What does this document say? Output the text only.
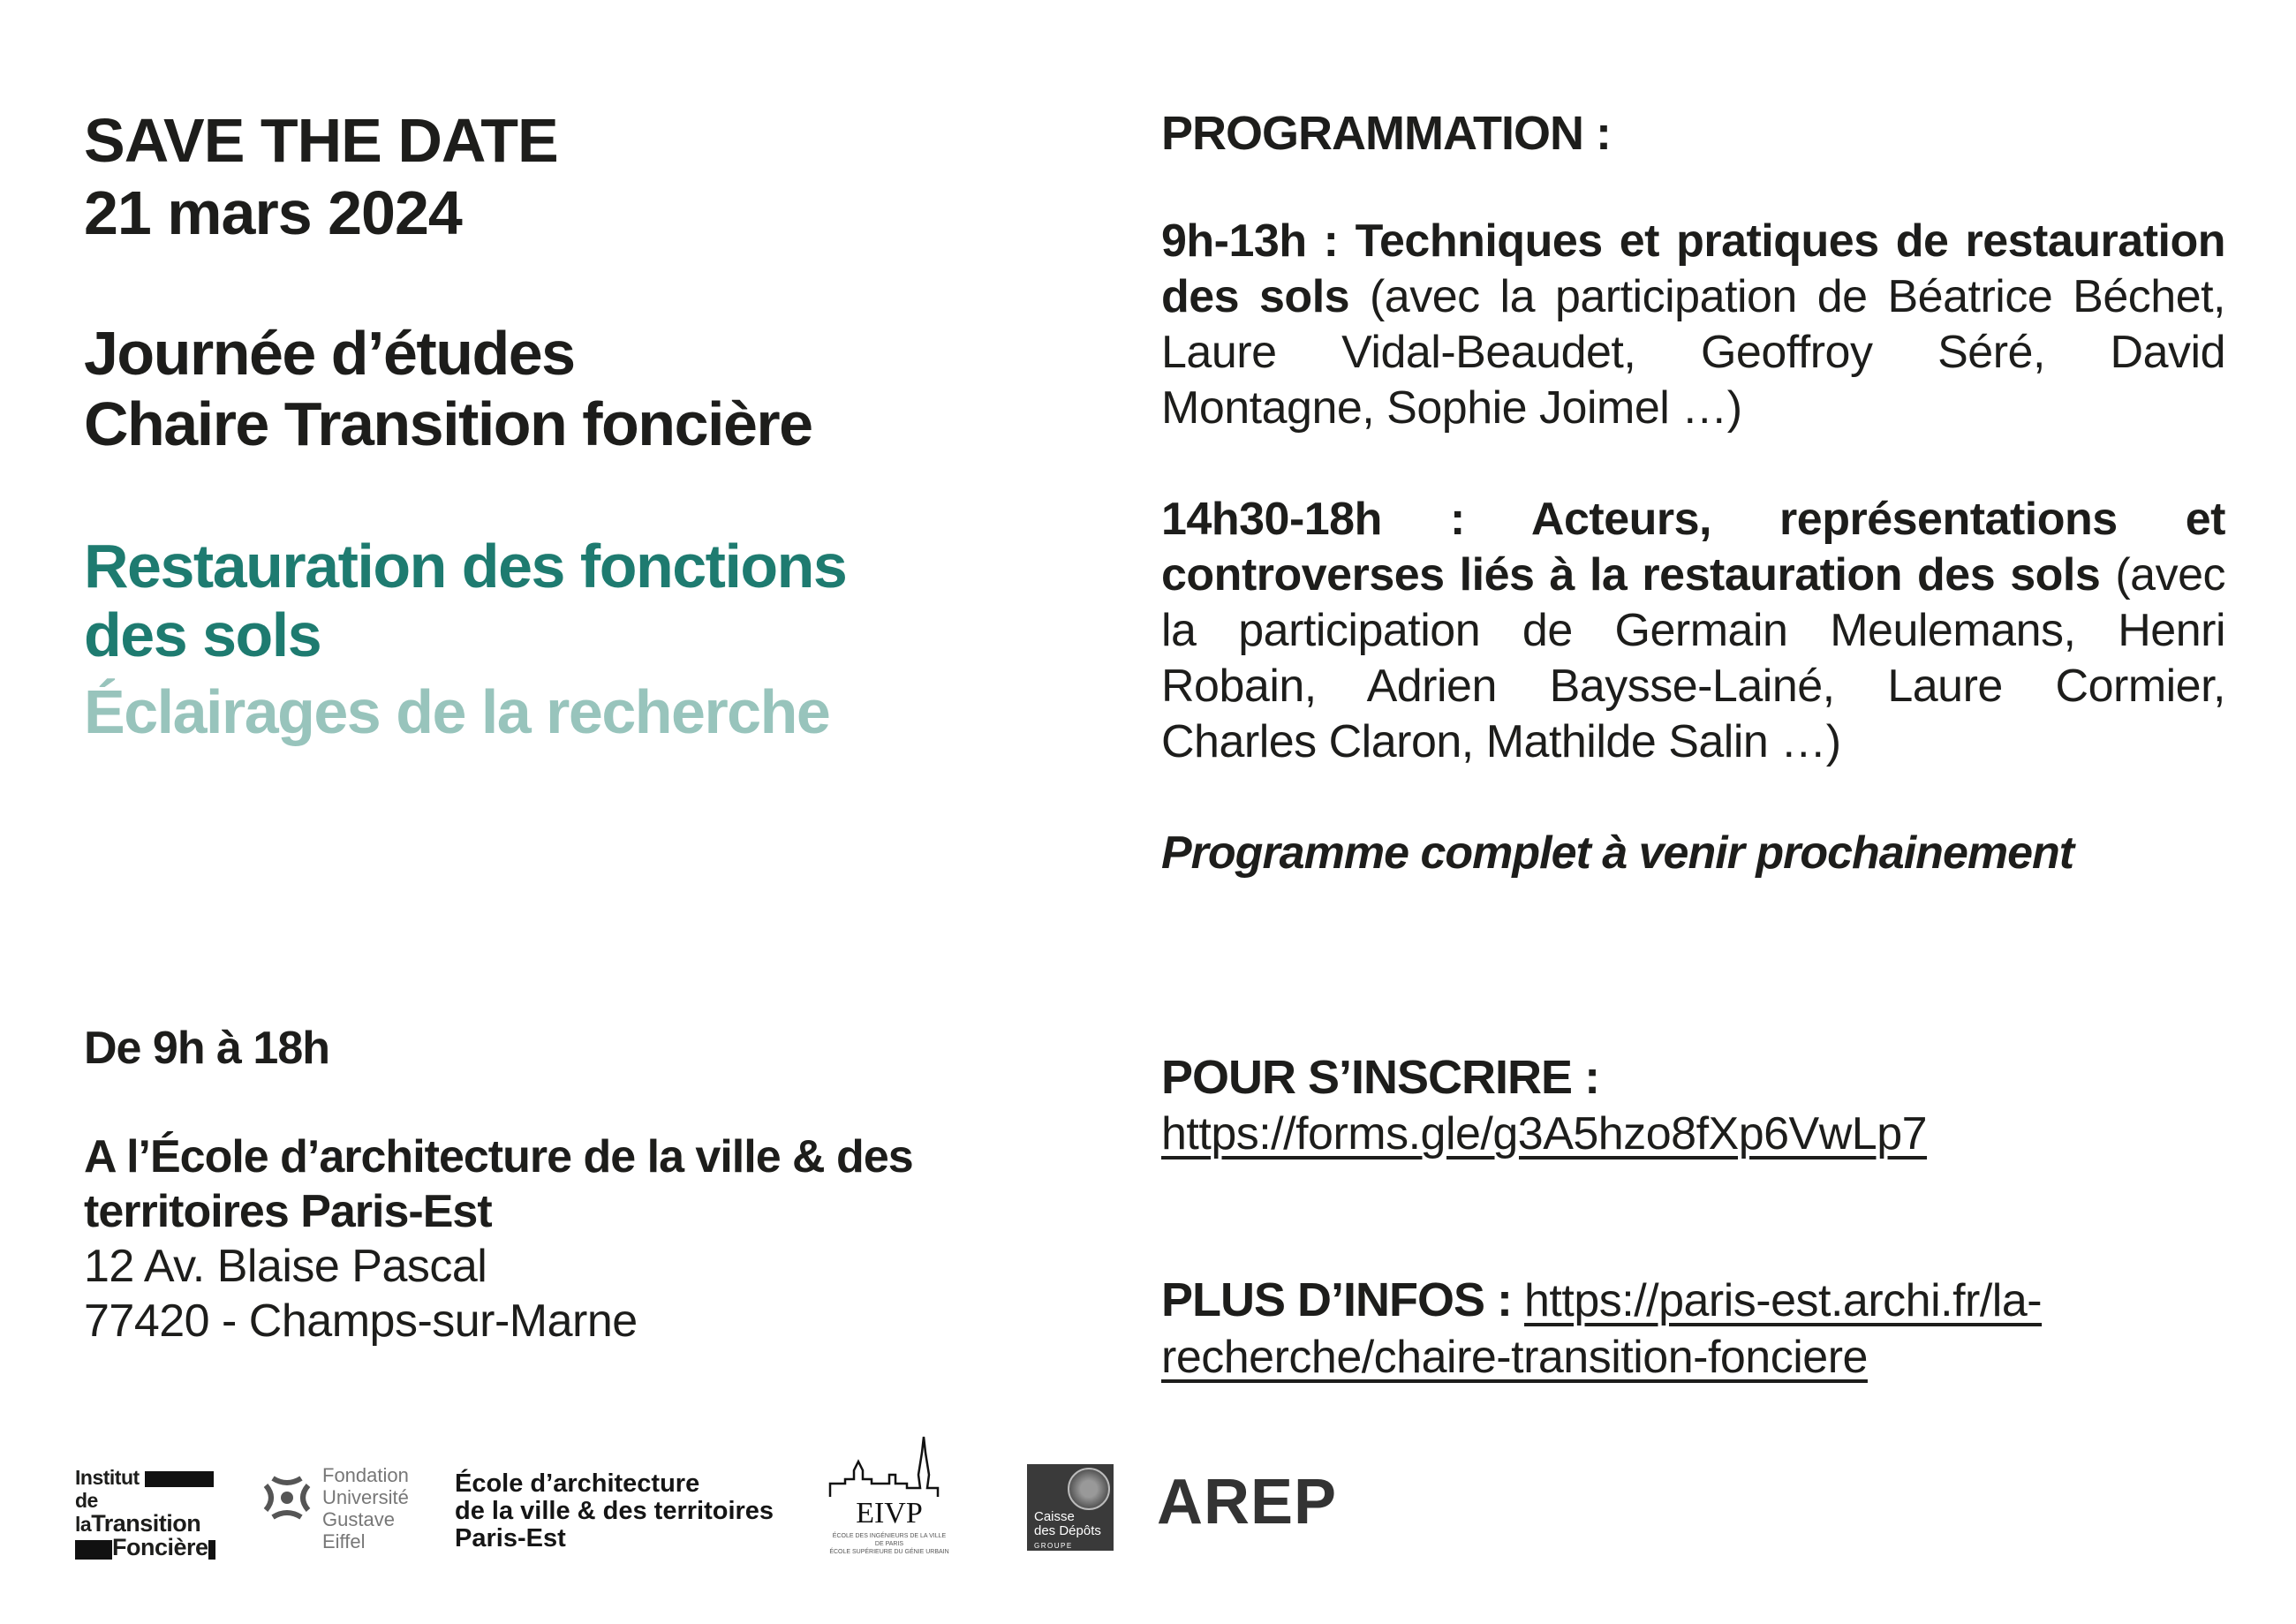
SAVE THE DATE
21 mars 2024
Journée d’études
Chaire Transition foncière
Restauration des fonctions
des sols
Éclairages de la recherche
De 9h à 18h
A l’École d’architecture de la ville & des
territoires Paris-Est
12 Av. Blaise Pascal
77420 - Champs-sur-Marne
PROGRAMMATION :
9h-13h : Techniques et pratiques de restauration des sols (avec la participation de Béatrice Béchet, Laure Vidal-Beaudet, Geoffroy Séré, David Montagne, Sophie Joimel …)
14h30-18h : Acteurs, représentations et controverses liés à la restauration des sols (avec la participation de Germain Meulemans, Henri Robain, Adrien Baysse-Lainé, Laure Cormier, Charles Claron, Mathilde Salin …)
Programme complet à venir prochainement
POUR S’INSCRIRE :
https://forms.gle/g3A5hzo8fXp6VwLp7
PLUS D’INFOS : https://paris-est.archi.fr/la-recherche/chaire-transition-fonciere
Institut
de laTransition
Foncière
Fondation
Université
Gustave
Eiffel
École d’architecture
de la ville & des territoires
Paris-Est
EIVP
ÉCOLE DES INGÉNIEURS DE LA VILLE
DE PARIS
ÉCOLE SUPÉRIEURE DU GÉNIE URBAIN
Caisse
des Dépôts
GROUPE
AREP
